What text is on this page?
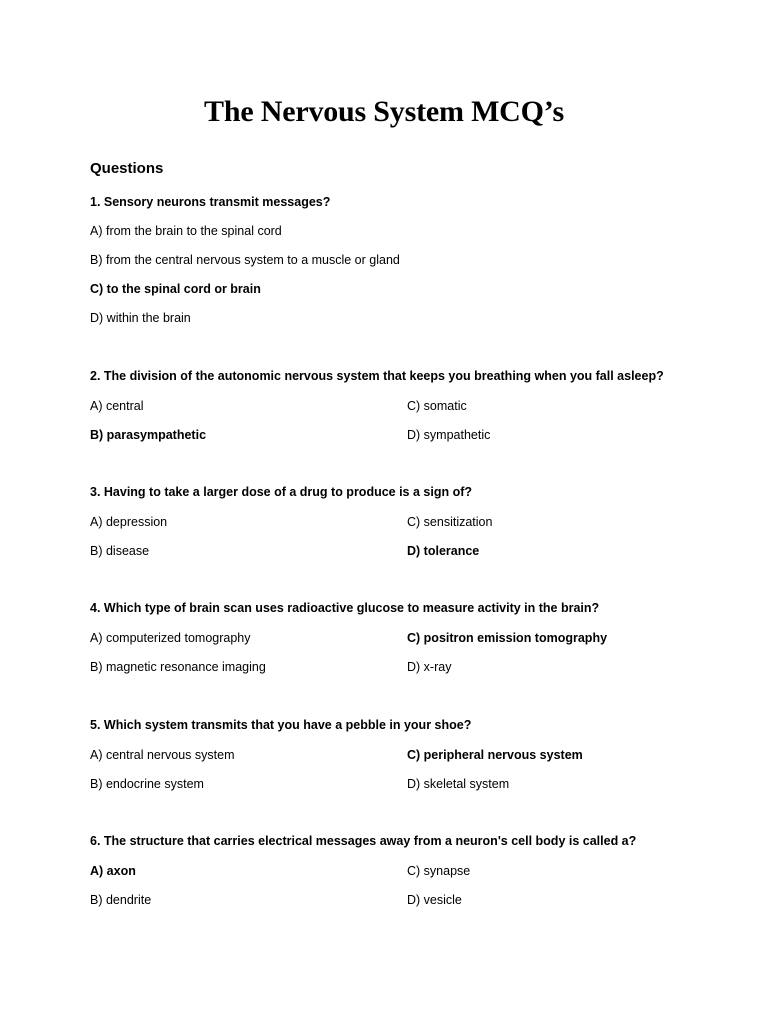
The Nervous System MCQ’s
Questions
1. Sensory neurons transmit messages?
A) from the brain to the spinal cord
B) from the central nervous system to a muscle or gland
C) to the spinal cord or brain
D) within the brain
2. The division of the autonomic nervous system that keeps you breathing when you fall asleep?
A) central	C) somatic
B) parasympathetic	D) sympathetic
3. Having to take a larger dose of a drug to produce is a sign of?
A) depression	C) sensitization
B) disease	D) tolerance
4. Which type of brain scan uses radioactive glucose to measure activity in the brain?
A) computerized tomography	C) positron emission tomography
B) magnetic resonance imaging	D) x-ray
5. Which system transmits that you have a pebble in your shoe?
A) central nervous system	C) peripheral nervous system
B) endocrine system	D) skeletal system
6. The structure that carries electrical messages away from a neuron's cell body is called a?
A) axon	C) synapse
B) dendrite	D) vesicle
